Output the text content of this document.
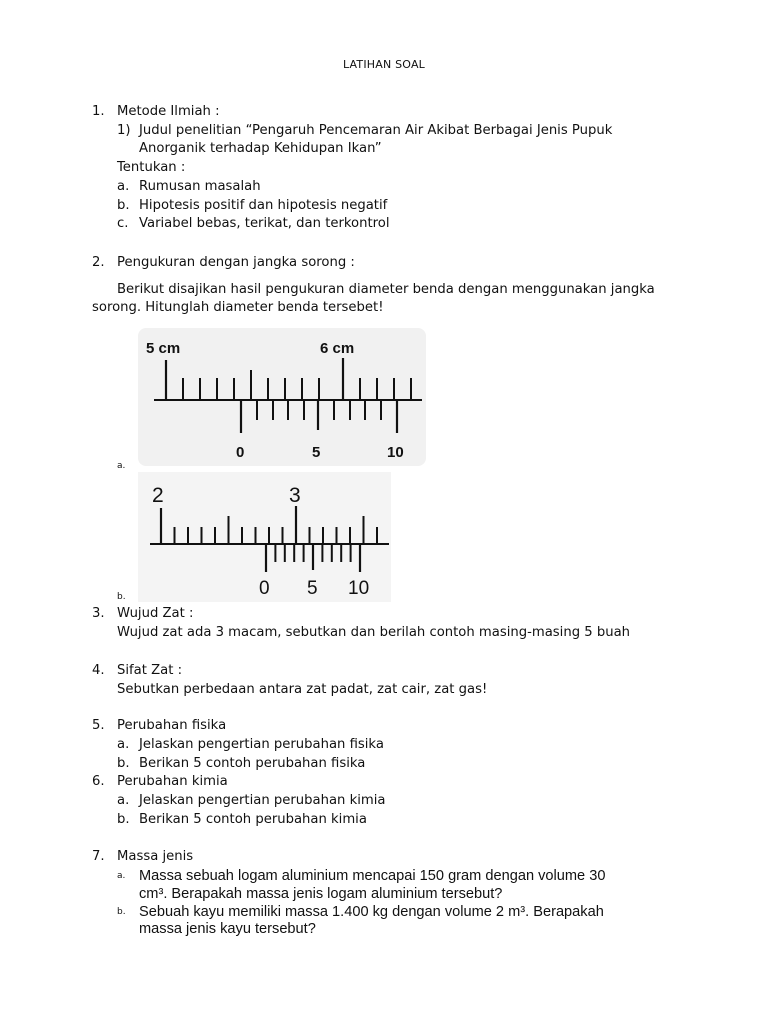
LATIHAN SOAL
1. Metode Ilmiah :
1) Judul penelitian “Pengaruh Pencemaran Air Akibat Berbagai Jenis Pupuk
Anorganik terhadap Kehidupan Ikan”
Tentukan :
a. Rumusan masalah
b. Hipotesis positif dan hipotesis negatif
c. Variabel bebas, terikat, dan terkontrol
2. Pengukuran dengan jangka sorong :
Berikut disajikan hasil pengukuran diameter benda dengan menggunakan jangka
sorong. Hitunglah diameter benda tersebet!
5 cm	6 cm
0	5	10
a.
2	3
0 5 10
b.
3. Wujud Zat :
Wujud zat ada 3 macam, sebutkan dan berilah contoh masing-masing 5 buah
4. Sifat Zat :
Sebutkan perbedaan antara zat padat, zat cair, zat gas!
5. Perubahan fisika
a. Jelaskan pengertian perubahan fisika
b. Berikan 5 contoh perubahan fisika
6. Perubahan kimia
a. Jelaskan pengertian perubahan kimia
b. Berikan 5 contoh perubahan kimia
7. Massa jenis
a. Massa sebuah logam aluminium mencapai 150 gram dengan volume 30
cm³. Berapakah massa jenis logam aluminium tersebut?
b. Sebuah kayu memiliki massa 1.400 kg dengan volume 2 m³. Berapakah
massa jenis kayu tersebut?
